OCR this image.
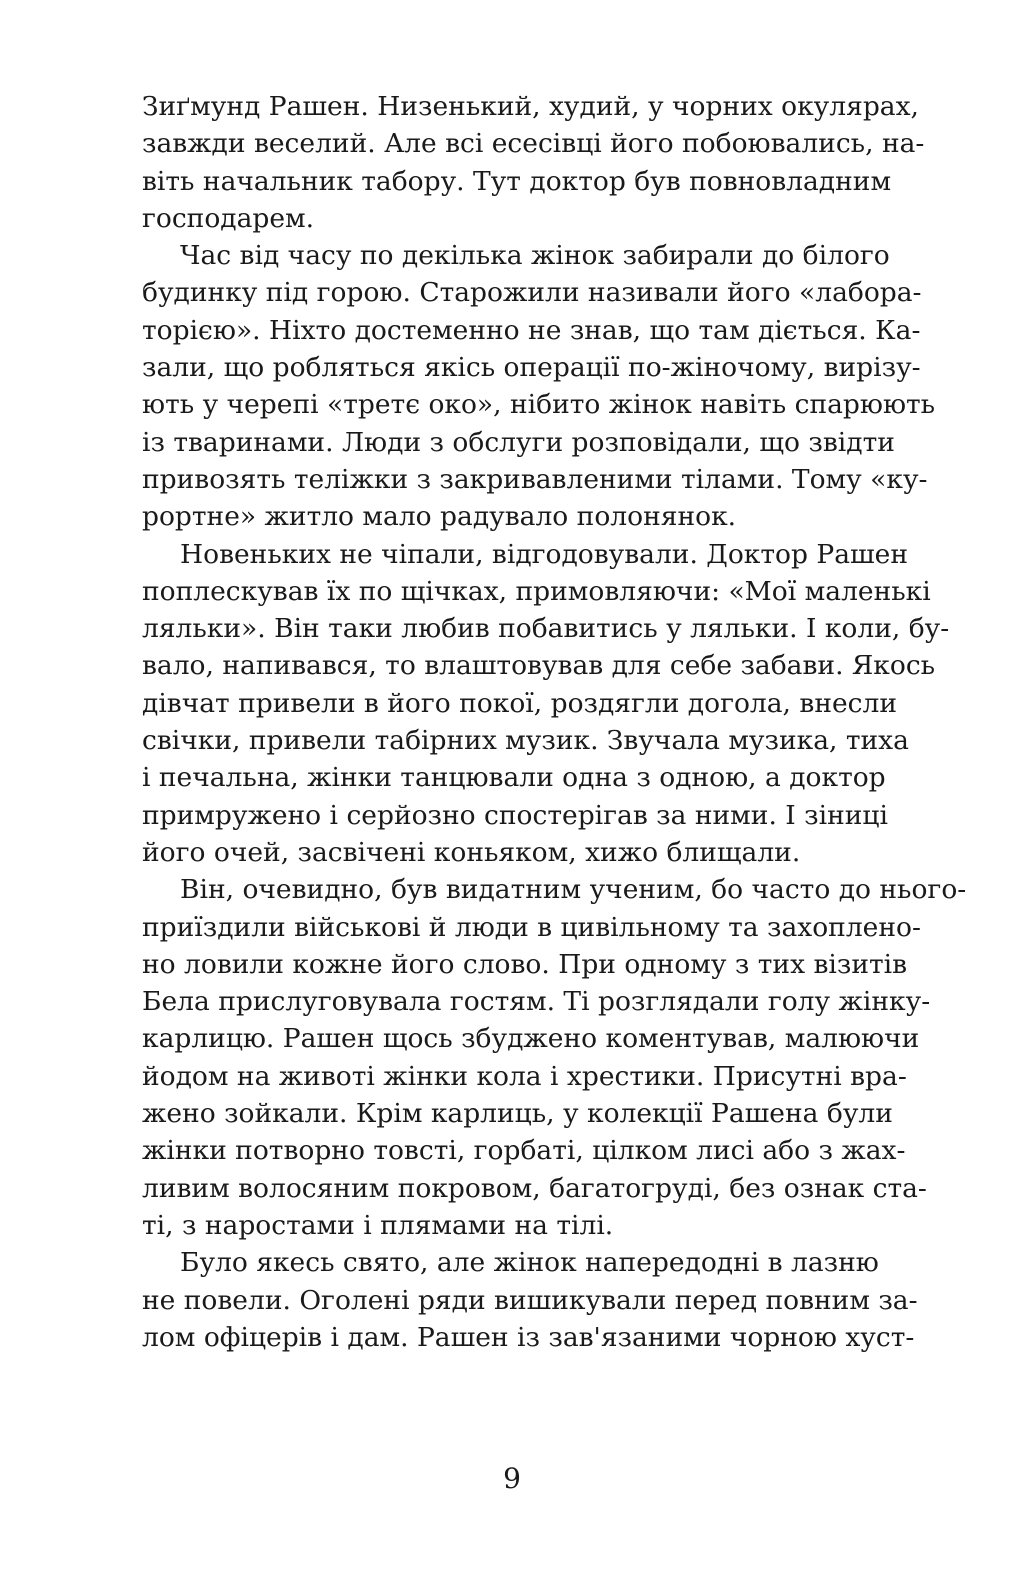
Зиґмунд Рашен. Низенький, худий, у чорних окулярах,
завжди веселий. Але всі есесівці його побоювались, на-
віть начальник табору. Тут доктор був повновладним
господарем.
Час від часу по декілька жінок забирали до білого
будинку під горою. Старожили називали його «лабора-
торією». Ніхто достеменно не знав, що там діється. Ка-
зали, що робляться якісь операції по-жіночому, вирізу-
ють у черепі «третє око», нібито жінок навіть спарюють
із тваринами. Люди з обслуги розповідали, що звідти
привозять теліжки з закривавленими тілами. Тому «ку-
рортне» житло мало радувало полонянок.
Новеньких не чіпали, відгодовували. Доктор Рашен
поплескував їх по щічках, примовляючи: «Мої маленькі
ляльки». Він таки любив побавитись у ляльки. І коли, бу-
вало, напивався, то влаштовував для себе забави. Якось
дівчат привели в його покої, роздягли догола, внесли
свічки, привели табірних музик. Звучала музика, тиха
і печальна, жінки танцювали одна з одною, а доктор
примружено і серйозно спостерігав за ними. І зіниці
його очей, засвічені коньяком, хижо блищали.
Він, очевидно, був видатним ученим, бо часто до нього-
приїздили військові й люди в цивільному та захоплено-
но ловили кожне його слово. При одному з тих візитів
Бела прислуговувала гостям. Ті розглядали голу жінку-
карлицю. Рашен щось збуджено коментував, малюючи
йодом на животі жінки кола і хрестики. Присутні вра-
жено зойкали. Крім карлиць, у колекції Рашена були
жінки потворно товсті, горбаті, цілком лисі або з жах-
ливим волосяним покровом, багатогруді, без ознак ста-
ті, з наростами і плямами на тілі.
Було якесь свято, але жінок напередодні в лазню
не повели. Оголені ряди вишикували перед повним за-
лом офіцерів і дам. Рашен із зав'язаними чорною хуст-
9
